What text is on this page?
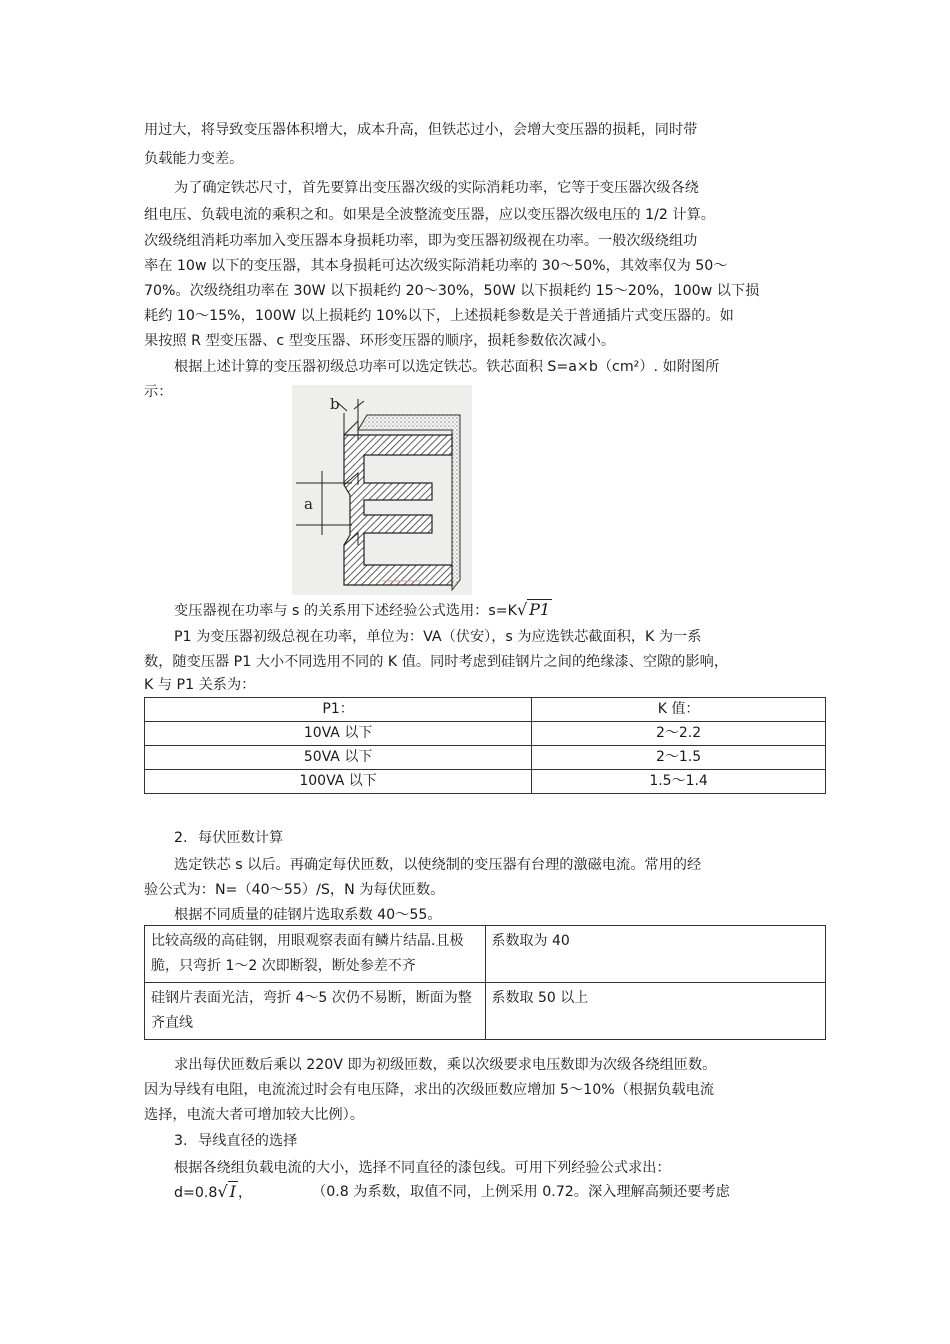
用过大，将导致变压器体积增大，成本升高，但铁芯过小，会增大变压器的损耗，同时带
负载能力变差。
为了确定铁芯尺寸，首先要算出变压器次级的实际消耗功率，它等于变压器次级各绕
组电压、负载电流的乘积之和。如果是全波整流变压器，应以变压器次级电压的 1/2 计算。
次级绕组消耗功率加入变压器本身损耗功率，即为变压器初级视在功率。一般次级绕组功
率在 10w 以下的变压器，其本身损耗可达次级实际消耗功率的 30～50%，其效率仅为 50～
70%。次级绕组功率在 30W 以下损耗约 20～30%，50W 以下损耗约 15～20%，100w 以下损
耗约 10～15%，100W 以上损耗约 10%以下，上述损耗参数是关于普通插片式变压器的。如
果按照 R 型变压器、c 型变压器、环形变压器的顺序，损耗参数依次减小。
根据上述计算的变压器初级总功率可以选定铁芯。铁芯面积 S=a×b（cm²）. 如附图所
示：
b
a
变压器视在功率与 s 的关系用下述经验公式选用：s=K√ P1
P1 为变压器初级总视在功率，单位为：VA（伏安），s 为应选铁芯截面积，K 为一系
数，随变压器 P1 大小不同选用不同的 K 值。同时考虑到硅钢片之间的绝缘漆、空隙的影响，
K 与 P1 关系为：
P1：	K 值：
10VA 以下	2～2.2
50VA 以下	2～1.5
100VA 以下	1.5～1.4
2. 每伏匝数计算
选定铁芯 s 以后。再确定每伏匝数，以使绕制的变压器有台理的激磁电流。常用的经
验公式为：N=（40～55）/S，N 为每伏匝数。
根据不同质量的硅钢片选取系数 40～55。
比较高级的高硅钢，用眼观察表面有鳞片结晶.且极脆，只弯折 1～2 次即断裂，断处参差不齐	系数取为 40
硅钢片表面光洁，弯折 4～5 次仍不易断，断面为整齐直线	系数取 50 以上
求出每伏匝数后乘以 220V 即为初级匝数，乘以次级要求电压数即为次级各绕组匝数。
因为导线有电阻，电流流过时会有电压降，求出的次级匝数应增加 5～10%（根据负载电流
选择，电流大者可增加较大比例）。
3. 导线直径的选择
根据各绕组负载电流的大小，选择不同直径的漆包线。可用下列经验公式求出：
d=0.8√ I ，	（0.8 为系数，取值不同，上例采用 0.72。深入理解高频还要考虑
